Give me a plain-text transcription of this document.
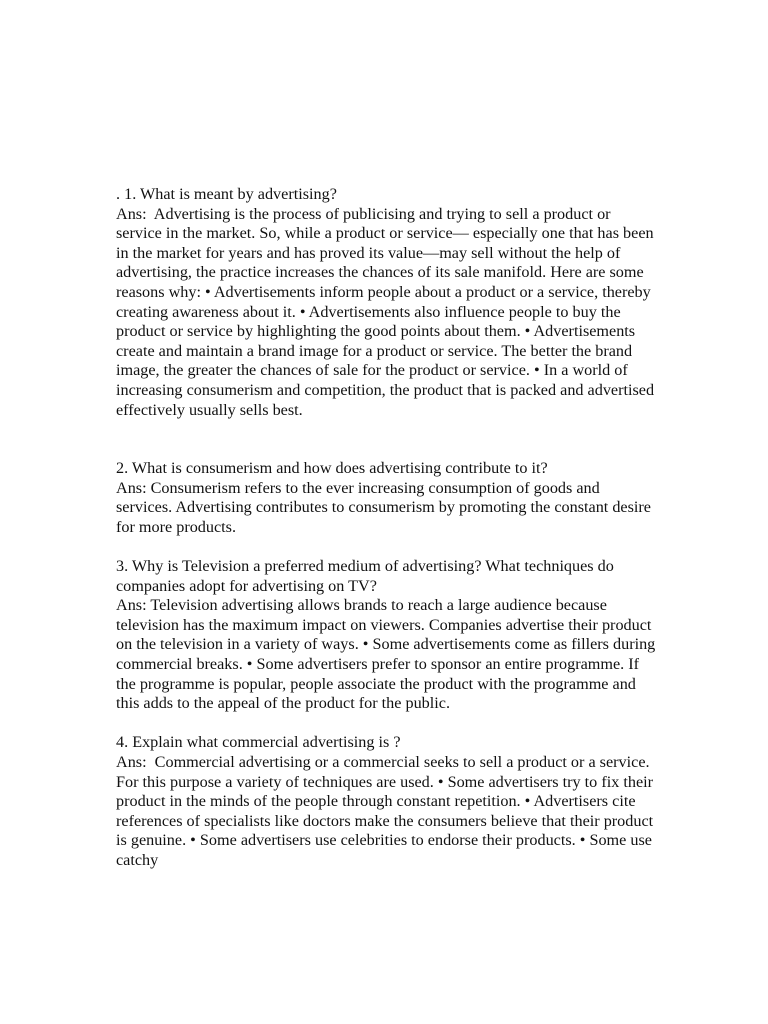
. 1. What is meant by advertising?

Ans:  Advertising is the process of publicising and trying to sell a product or service in the market. So, while a product or service— especially one that has been in the market for years and has proved its value—may sell without the help of advertising, the practice increases the chances of its sale manifold. Here are some reasons why: • Advertisements inform people about a product or a service, thereby creating awareness about it. • Advertisements also influence people to buy the product or service by highlighting the good points about them. • Advertisements create and maintain a brand image for a product or service. The better the brand image, the greater the chances of sale for the product or service. • In a world of increasing consumerism and competition, the product that is packed and advertised effectively usually sells best.

2. What is consumerism and how does advertising contribute to it?

Ans: Consumerism refers to the ever increasing consumption of goods and services. Advertising contributes to consumerism by promoting the constant desire for more products.

3. Why is Television a preferred medium of advertising? What techniques do companies adopt for advertising on TV?

Ans: Television advertising allows brands to reach a large audience because television has the maximum impact on viewers. Companies advertise their product on the television in a variety of ways. • Some advertisements come as fillers during commercial breaks. • Some advertisers prefer to sponsor an entire programme. If the programme is popular, people associate the product with the programme and this adds to the appeal of the product for the public.

4. Explain what commercial advertising is ?

Ans:  Commercial advertising or a commercial seeks to sell a product or a service. For this purpose a variety of techniques are used. • Some advertisers try to fix their product in the minds of the people through constant repetition. • Advertisers cite references of specialists like doctors make the consumers believe that their product is genuine. • Some advertisers use celebrities to endorse their products. • Some use catchy
